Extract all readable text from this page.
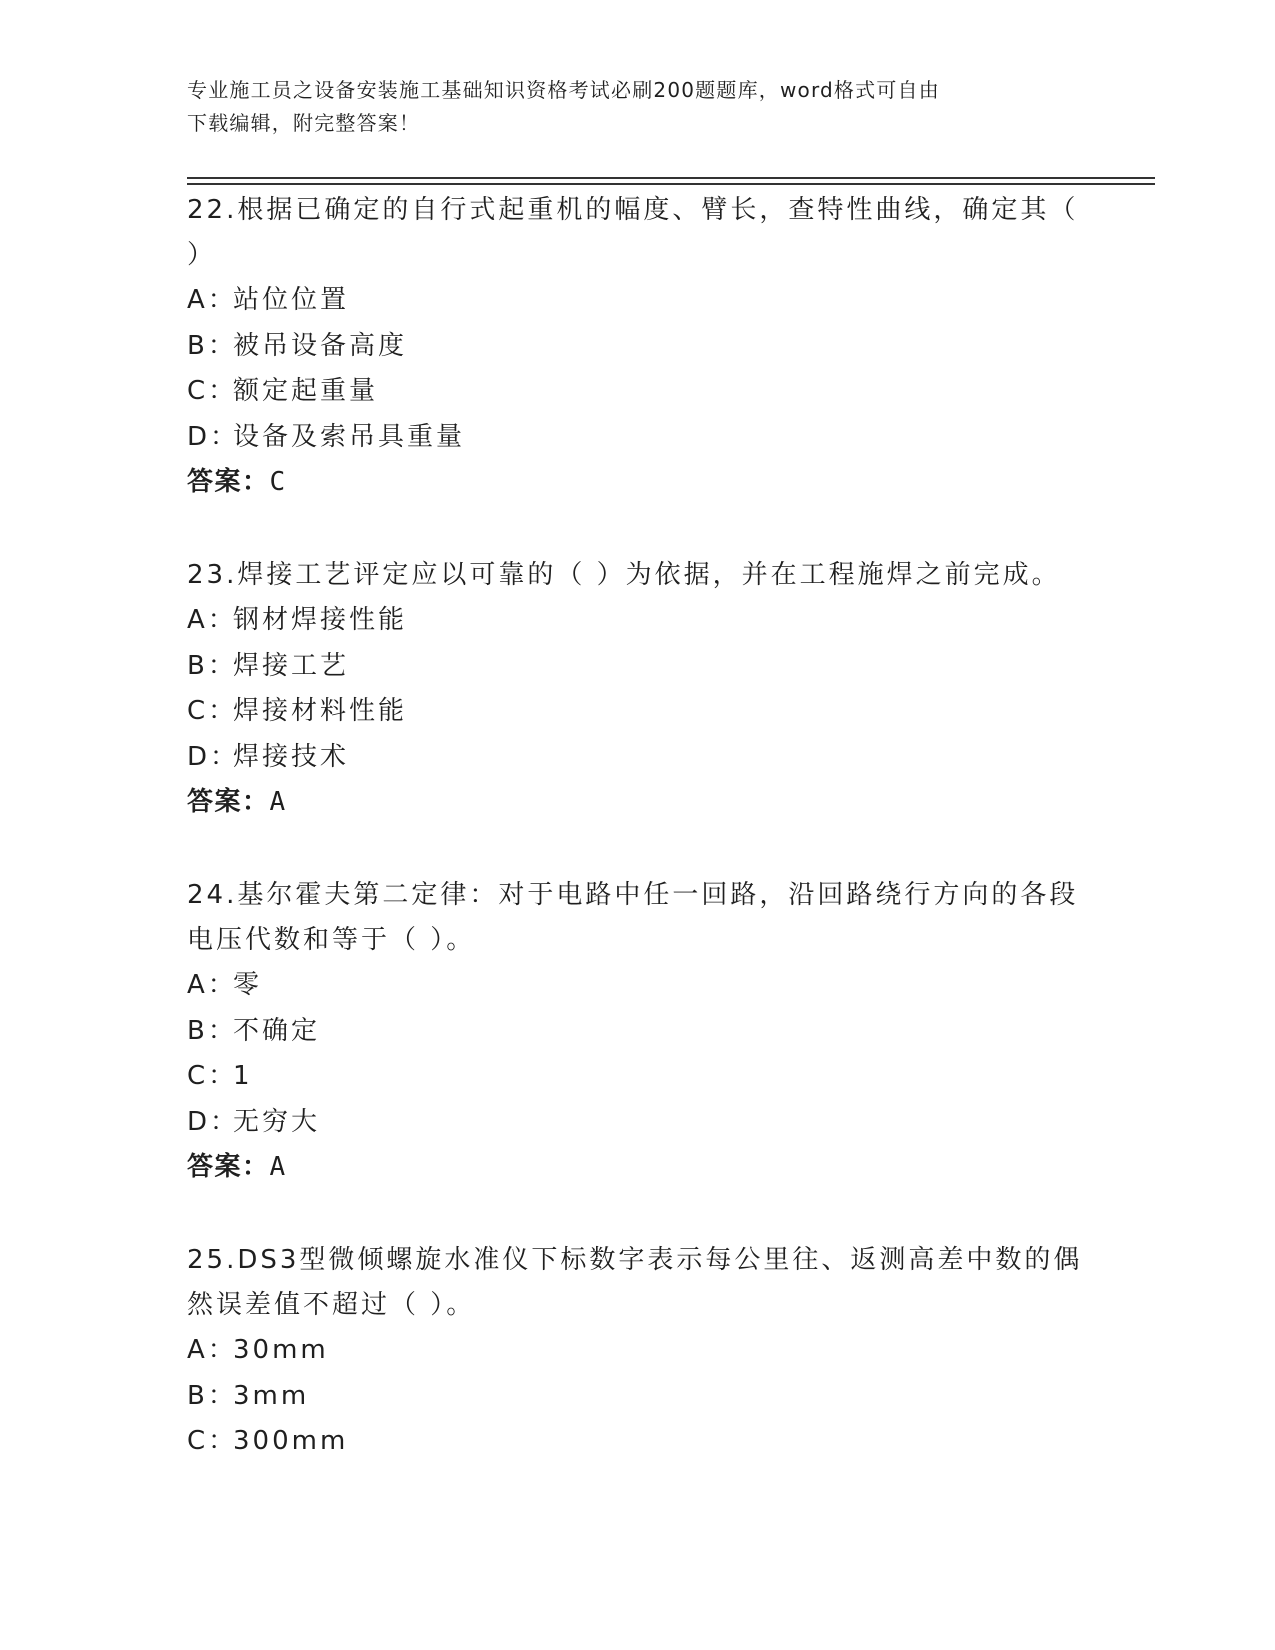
专业施工员之设备安装施工基础知识资格考试必刷200题题库，word格式可自由
下载编辑，附完整答案！
22.根据已确定的自行式起重机的幅度、臂长，查特性曲线，确定其（
）
A：站位位置
B：被吊设备高度
C：额定起重量
D：设备及索吊具重量
答案：C
23.焊接工艺评定应以可靠的（ ）为依据，并在工程施焊之前完成。
A：钢材焊接性能
B：焊接工艺
C：焊接材料性能
D：焊接技术
答案：A
24.基尔霍夫第二定律：对于电路中任一回路，沿回路绕行方向的各段
电压代数和等于（ ）。
A：零
B：不确定
C：1
D：无穷大
答案：A
25.DS3型微倾螺旋水准仪下标数字表示每公里往、返测高差中数的偶
然误差值不超过（ ）。
A：30mm
B：3mm
C：300mm
